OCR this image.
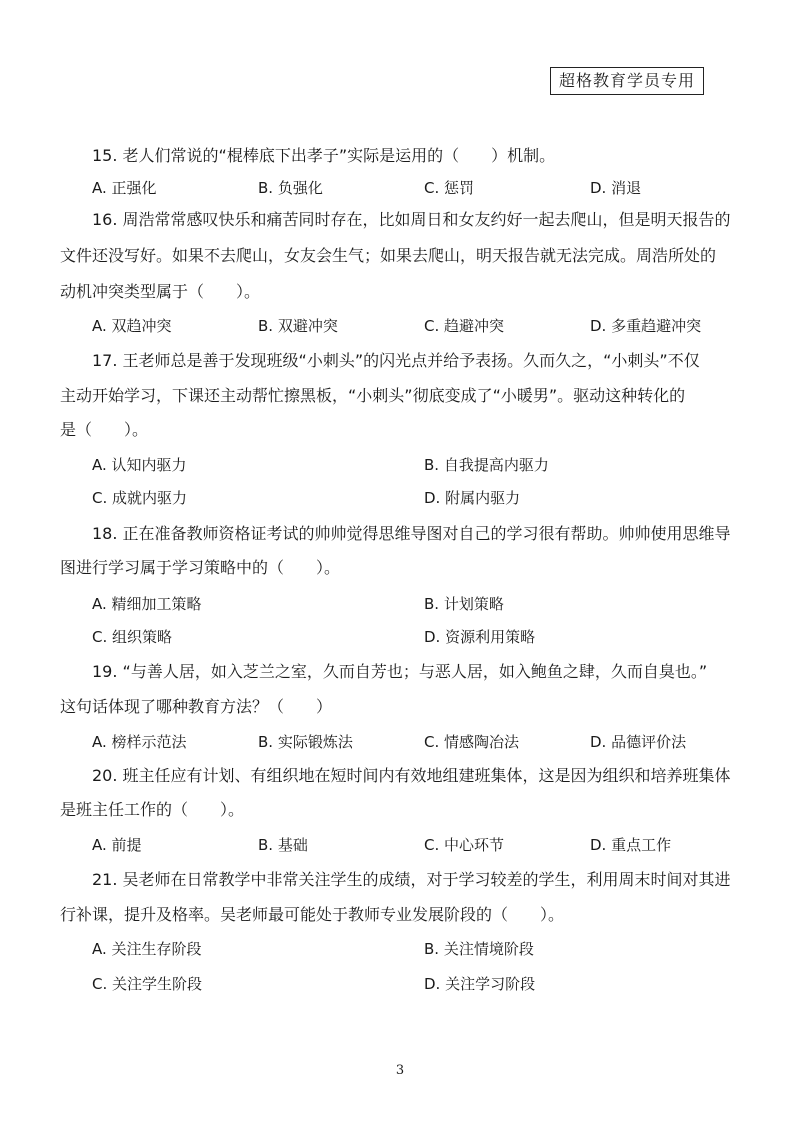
超格教育学员专用
15. 老人们常说的“棍棒底下出孝子”实际是运用的（　　）机制。
A. 正强化	B. 负强化	C. 惩罚	D. 消退
16. 周浩常常感叹快乐和痛苦同时存在，比如周日和女友约好一起去爬山，但是明天报告的
文件还没写好。如果不去爬山，女友会生气；如果去爬山，明天报告就无法完成。周浩所处的
动机冲突类型属于（　　）。
A. 双趋冲突	B. 双避冲突	C. 趋避冲突	D. 多重趋避冲突
17. 王老师总是善于发现班级“小刺头”的闪光点并给予表扬。久而久之，“小刺头”不仅
主动开始学习，下课还主动帮忙擦黑板，“小刺头”彻底变成了“小暖男”。驱动这种转化的
是（　　）。
A. 认知内驱力	B. 自我提高内驱力
C. 成就内驱力	D. 附属内驱力
18. 正在准备教师资格证考试的帅帅觉得思维导图对自己的学习很有帮助。帅帅使用思维导
图进行学习属于学习策略中的（　　）。
A. 精细加工策略	B. 计划策略
C. 组织策略	D. 资源利用策略
19. “与善人居，如入芝兰之室，久而自芳也；与恶人居，如入鲍鱼之肆，久而自臭也。”
这句话体现了哪种教育方法？（　　）
A. 榜样示范法	B. 实际锻炼法	C. 情感陶冶法	D. 品德评价法
20. 班主任应有计划、有组织地在短时间内有效地组建班集体，这是因为组织和培养班集体
是班主任工作的（　　）。
A. 前提	B. 基础	C. 中心环节	D. 重点工作
21. 吴老师在日常教学中非常关注学生的成绩，对于学习较差的学生，利用周末时间对其进
行补课，提升及格率。吴老师最可能处于教师专业发展阶段的（　　）。
A. 关注生存阶段	B. 关注情境阶段
C. 关注学生阶段	D. 关注学习阶段
3
